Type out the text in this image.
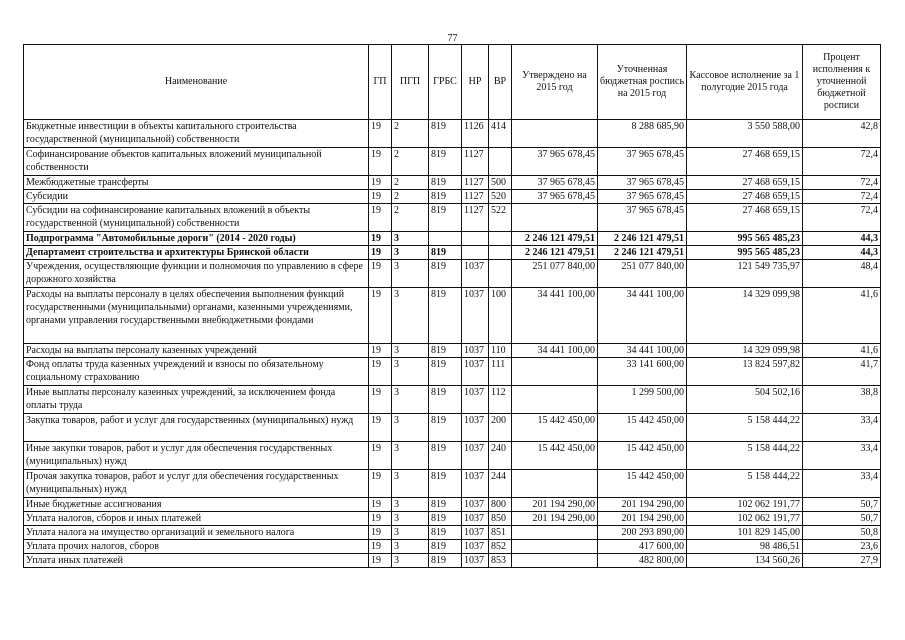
77
Наименование	ГП	ПГП	ГРБС	НР	ВР	Утверждено на 2015 год	Уточненная бюджетная роспись на 2015 год	Кассовое исполнение за 1 полугодие 2015 года	Процент исполнения к уточненной бюджетной росписи
Бюджетные инвестиции в объекты капитального строительства государственной (муниципальной) собственности	19	2	819	1126	414		8 288 685,90	3 550 588,00	42,8
Софинансирование объектов капитальных вложений муниципальной собственности	19	2	819	1127		37 965 678,45	37 965 678,45	27 468 659,15	72,4
Межбюджетные трансферты	19	2	819	1127	500	37 965 678,45	37 965 678,45	27 468 659,15	72,4
Субсидии	19	2	819	1127	520	37 965 678,45	37 965 678,45	27 468 659,15	72,4
Субсидии на софинансирование капитальных вложений в объекты государственной (муниципальной) собственности	19	2	819	1127	522		37 965 678,45	27 468 659,15	72,4
Подпрограмма "Автомобильные дороги" (2014 - 2020 годы)	19	3				2 246 121 479,51	2 246 121 479,51	995 565 485,23	44,3
Департамент строительства и архитектуры Брянской области	19	3	819			2 246 121 479,51	2 246 121 479,51	995 565 485,23	44,3
Учреждения, осуществляющие функции и полномочия по управлению в сфере дорожного хозяйства	19	3	819	1037		251 077 840,00	251 077 840,00	121 549 735,97	48,4
Расходы на выплаты персоналу в целях обеспечения выполнения функций государственными (муниципальными) органами, казенными учреждениями, органами управления государственными внебюджетными фондами	19	3	819	1037	100	34 441 100,00	34 441 100,00	14 329 099,98	41,6
Расходы на выплаты персоналу казенных учреждений	19	3	819	1037	110	34 441 100,00	34 441 100,00	14 329 099,98	41,6
Фонд оплаты труда казенных учреждений и взносы по обязательному социальному страхованию	19	3	819	1037	111		33 141 600,00	13 824 597,82	41,7
Иные выплаты персоналу казенных учреждений, за исключением фонда оплаты труда	19	3	819	1037	112		1 299 500,00	504 502,16	38,8
Закупка товаров, работ и услуг для государственных (муниципальных) нужд	19	3	819	1037	200	15 442 450,00	15 442 450,00	5 158 444,22	33,4
Иные закупки товаров, работ и услуг для обеспечения государственных (муниципальных) нужд	19	3	819	1037	240	15 442 450,00	15 442 450,00	5 158 444,22	33,4
Прочая закупка товаров, работ и услуг для обеспечения государственных (муниципальных) нужд	19	3	819	1037	244		15 442 450,00	5 158 444,22	33,4
Иные бюджетные ассигнования	19	3	819	1037	800	201 194 290,00	201 194 290,00	102 062 191,77	50,7
Уплата налогов, сборов и иных платежей	19	3	819	1037	850	201 194 290,00	201 194 290,00	102 062 191,77	50,7
Уплата налога на имущество организаций и земельного налога	19	3	819	1037	851		200 293 890,00	101 829 145,00	50,8
Уплата прочих налогов, сборов	19	3	819	1037	852		417 600,00	98 486,51	23,6
Уплата иных платежей	19	3	819	1037	853		482 800,00	134 560,26	27,9
